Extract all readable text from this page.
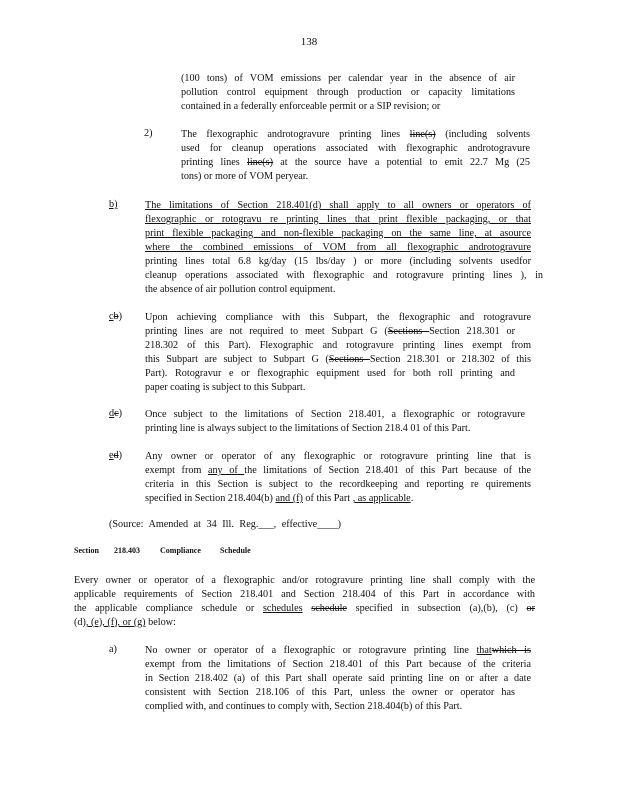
138
(100 tons) of VOM emissions per calendar year in the absence of air
pollution control equipment through production or capacity limitations
contained in a federally enforceable permit or a SIP revision; or
2)	The flexographic androtogravure printing lines line(s) (including solvents
used for cleanup operations associated with flexographic androtogravure
printing lines line(s) at the source have a potential to emit 22.7 Mg (25
tons) or more of VOM peryear.
b)	The limitations of Section 218.401(d) shall apply to all owners or operators of
flexographic or rotogravu re printing lines that print flexible packaging, or that
print flexible packaging and non-flexible packaging on the same line, at asource
where the combined emissions of VOM from all flexographic androtogravure
printing lines total 6.8 kg/day (15 lbs/day ) or more (including solvents usedfor
cleanup operations associated with flexographic and rotogravure printing lines ), in
the absence of air pollution control equipment.
cb) Upon achieving compliance with this Subpart, the flexographic and rotogravure
printing lines are not required to meet Subpart G (Sections Section 218.301 or
218.302 of this Part). Flexographic and rotogravure printing lines exempt from
this Subpart are subject to Subpart G (Sections Section 218.301 or 218.302 of this
Part). Rotogravur e or flexographic equipment used for both roll printing and
paper coating is subject to this Subpart.
dc) Once subject to the limitations of Section 218.401, a flexographic or rotogravure
printing line is always subject to the limitations of Section 218.4 01 of this Part.
ed) Any owner or operator of any flexographic or rotogravure printing line that is
exempt from any of the limitations of Section 218.401 of this Part because of the
criteria in this Section is subject to the recordkeeping and reporting re quirements
specified in Section 218.404(b) and (f) of this Part , as applicable.
(Source: Amended at 34 Ill. Reg.___, effective____)
Section 218.403	Compliance Schedule
Every owner or operator of a flexographic and/or rotogravure printing line shall comply with the
applicable requirements of Section 218.401 and Section 218.404 of this Part in accordance with
the applicable compliance schedule or schedules schedule specified in subsection (a),(b), (c) or
(d), (e), (f), or (g) below:
a)	No owner or operator of a flexographic or rotogravure printing line thatwhich is
exempt from the limitations of Section 218.401 of this Part because of the criteria
in Section 218.402 (a) of this Part shall operate said printing line on or after a date
consistent with Section 218.106 of this Part, unless the owner or operator has
complied with, and continues to comply with, Section 218.404(b) of this Part.
